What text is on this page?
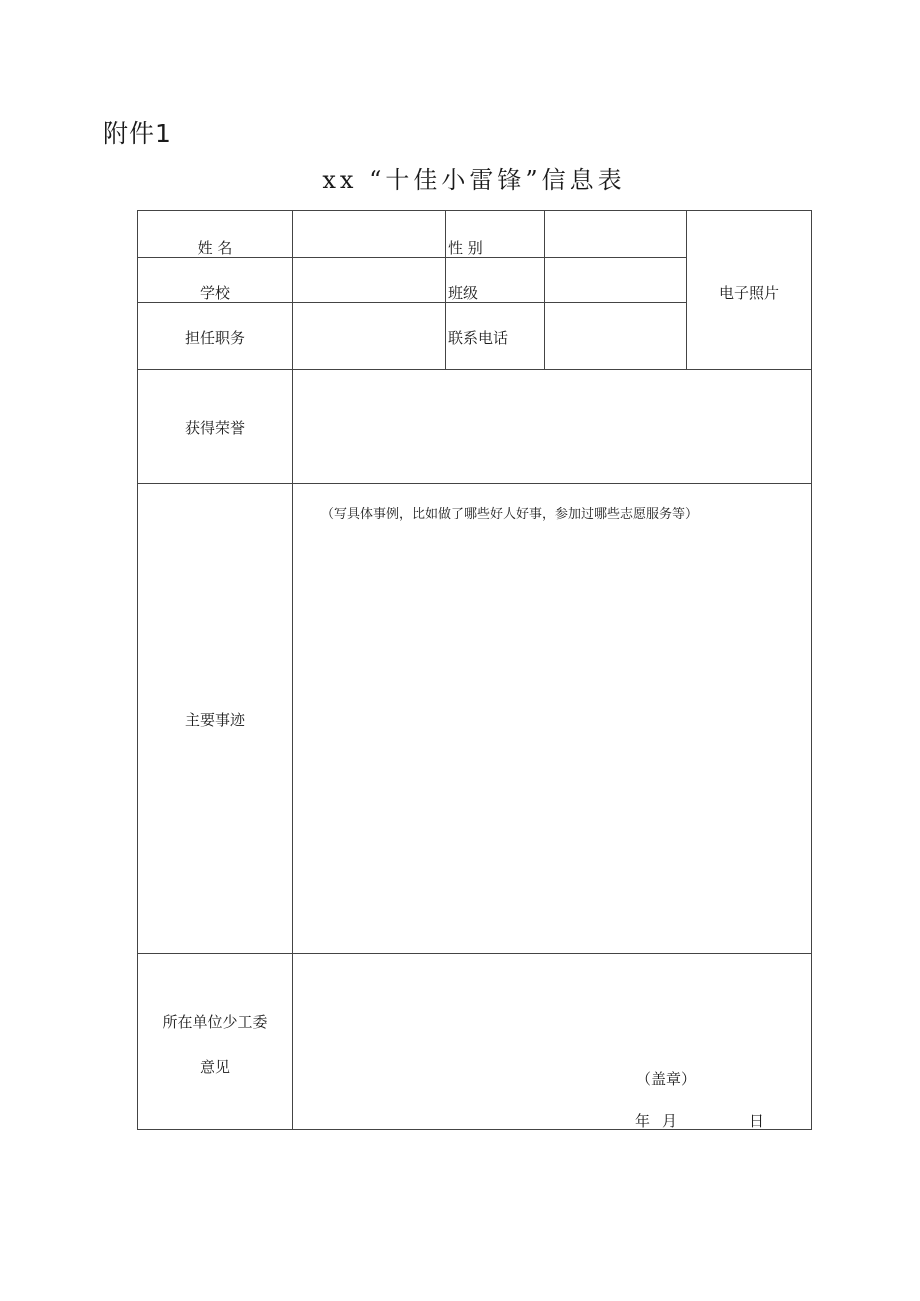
附件1
xx “十佳小雷锋”信息表
姓 名	性 别
学校	班级
担任职务	联系电话
电子照片
获得荣誉
主要事迹
（写具体事例，比如做了哪些好人好事，参加过哪些志愿服务等）
所在单位少工委
意见
（盖章）
年 月	日
